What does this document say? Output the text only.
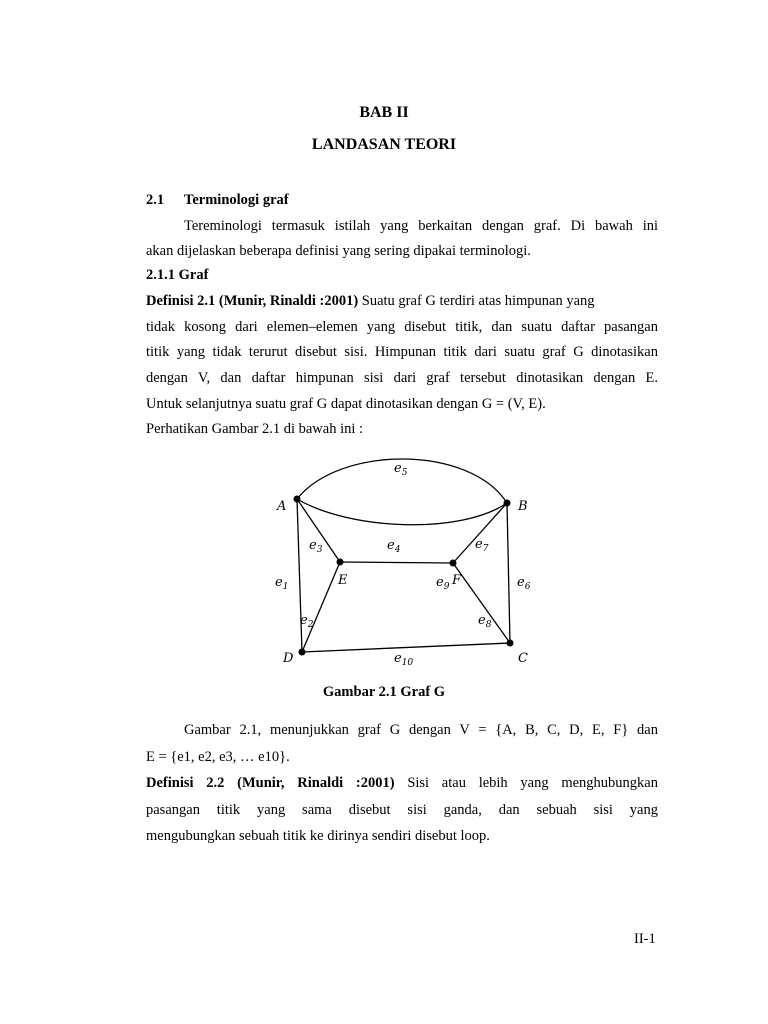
BAB II
LANDASAN TEORI
2.1 Terminologi graf
Tereminologi termasuk istilah yang berkaitan dengan graf. Di bawah ini
akan dijelaskan beberapa definisi yang sering dipakai terminologi.
2.1.1 Graf
Definisi 2.1 (Munir, Rinaldi :2001) Suatu graf G terdiri atas himpunan yang
tidak kosong dari elemen–elemen yang disebut titik, dan suatu daftar pasangan
titik yang tidak terurut disebut sisi. Himpunan titik dari suatu graf G dinotasikan
dengan V, dan daftar himpunan sisi dari graf tersebut dinotasikan dengan E.
Untuk selanjutnya suatu graf G dapat dinotasikan dengan G = (V, E).
Perhatikan Gambar 2.1 di bawah ini :
A	B
C
D
E	F
$e_1$
$e_2$
$e_3$	$e_4$
$e_5$
$e_6$
$e_7$
$e_8$
$e_9$
$e_{10}$
Gambar 2.1 Graf G
Gambar 2.1, menunjukkan graf G dengan V = {A, B, C, D, E, F} dan
E = {e1, e2, e3, … e10}.
Definisi 2.2 (Munir, Rinaldi :2001) Sisi atau lebih yang menghubungkan
pasangan titik yang sama disebut sisi ganda, dan sebuah sisi yang
mengubungkan sebuah titik ke dirinya sendiri disebut loop.
II-1
